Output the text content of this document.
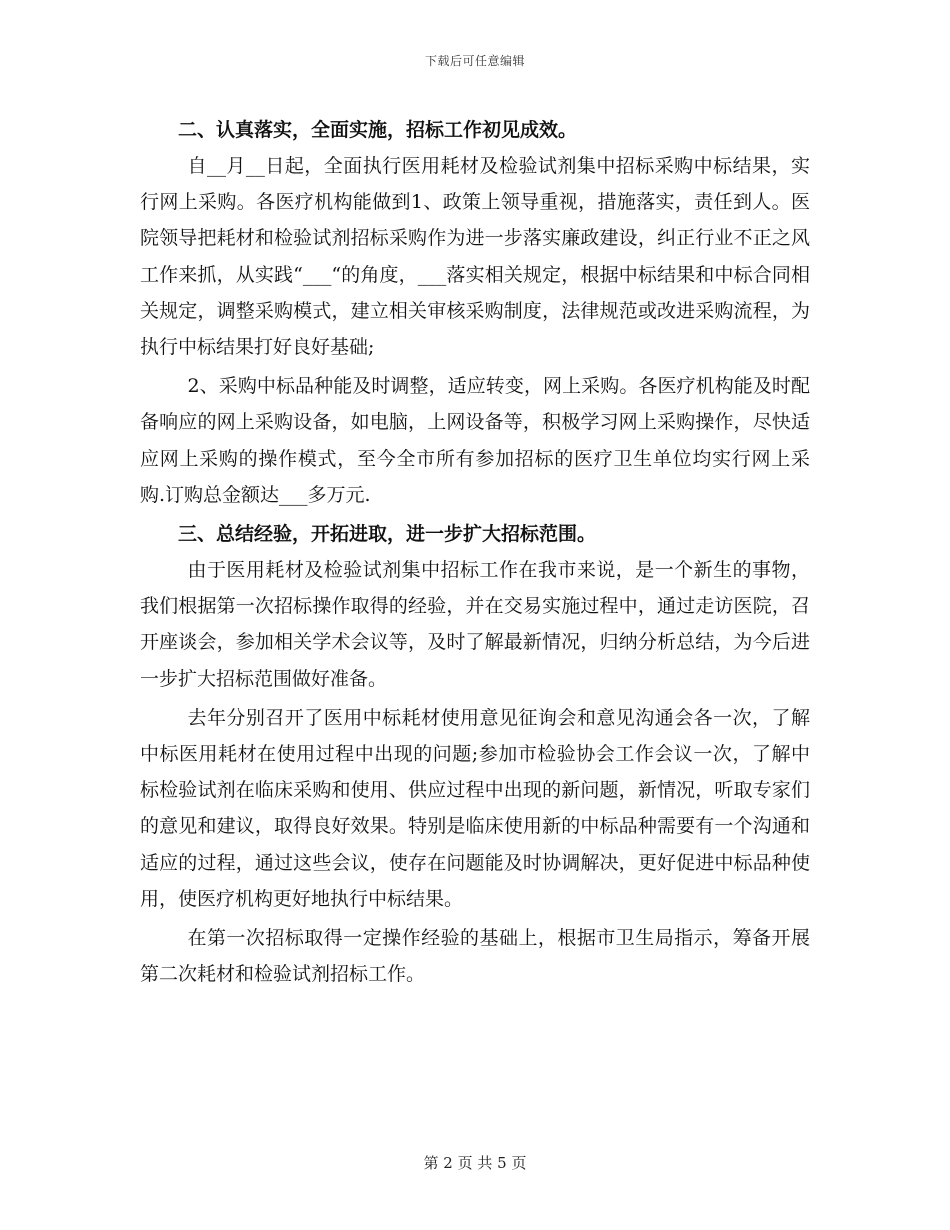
下载后可任意编辑

二、认真落实，全面实施，招标工作初见成效。

自__月__日起，全面执行医用耗材及检验试剂集中招标采购中标结果，实行网上采购。各医疗机构能做到1、政策上领导重视，措施落实，责任到人。医院领导把耗材和检验试剂招标采购作为进一步落实廉政建设，纠正行业不正之风工作来抓，从实践“___“的角度，___落实相关规定，根据中标结果和中标合同相关规定，调整采购模式，建立相关审核采购制度，法律规范或改进采购流程，为执行中标结果打好良好基础;

2、采购中标品种能及时调整，适应转变，网上采购。各医疗机构能及时配备响应的网上采购设备，如电脑，上网设备等，积极学习网上采购操作，尽快适应网上采购的操作模式，至今全市所有参加招标的医疗卫生单位均实行网上采购.订购总金额达___多万元.

三、总结经验，开拓进取，进一步扩大招标范围。

由于医用耗材及检验试剂集中招标工作在我市来说，是一个新生的事物，我们根据第一次招标操作取得的经验，并在交易实施过程中，通过走访医院，召开座谈会，参加相关学术会议等，及时了解最新情况，归纳分析总结，为今后进一步扩大招标范围做好准备。

去年分别召开了医用中标耗材使用意见征询会和意见沟通会各一次，了解中标医用耗材在使用过程中出现的问题;参加市检验协会工作会议一次，了解中标检验试剂在临床采购和使用、供应过程中出现的新问题，新情况，听取专家们的意见和建议，取得良好效果。特别是临床使用新的中标品种需要有一个沟通和适应的过程，通过这些会议，使存在问题能及时协调解决，更好促进中标品种使用，使医疗机构更好地执行中标结果。

在第一次招标取得一定操作经验的基础上，根据市卫生局指示，筹备开展第二次耗材和检验试剂招标工作。

第 2 页 共 5 页
